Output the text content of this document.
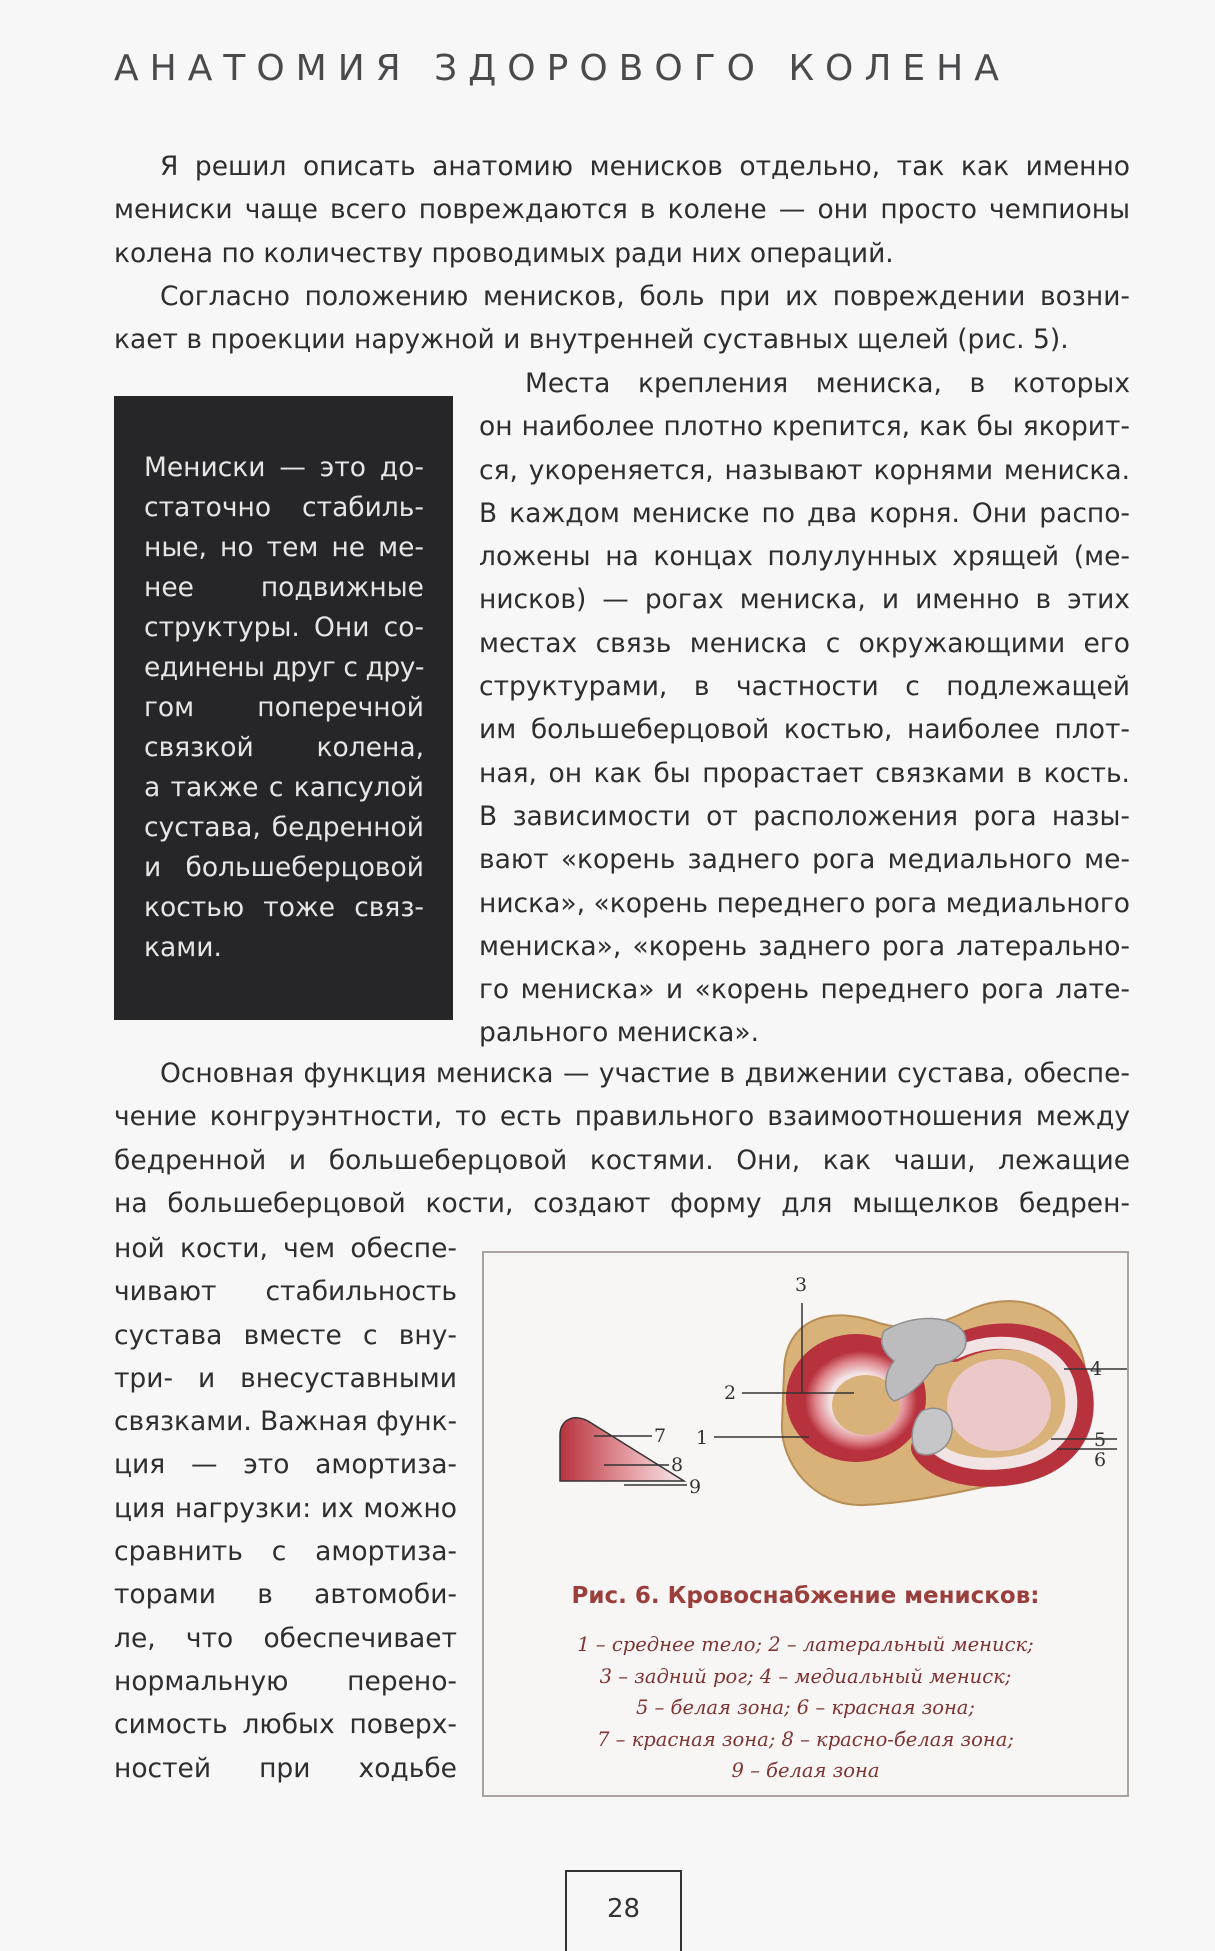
АНАТОМИЯ ЗДОРОВОГО КОЛЕНА

Я решил описать анатомию менисков отдельно, так как именно
мениски чаще всего повреждаются в колене — они просто чемпионы
колена по количеству проводимых ради них операций.

Согласно положению менисков, боль при их повреждении возни-
кает в проекции наружной и внутренней суставных щелей (рис. 5).

Мениски — это до-
статочно стабиль-
ные, но тем не ме-
нее подвижные
структуры. Они со-
единены друг с дру-
гом поперечной
связкой колена,
а также с капсулой
сустава, бедренной
и большеберцовой
костью тоже связ-
ками.
Места крепления мениска, в которых
он наиболее плотно крепится, как бы якорит-
ся, укореняется, называют корнями мениска.
В каждом мениске по два корня. Они распо-
ложены на концах полулунных хрящей (ме-
нисков) — рогах мениска, и именно в этих
местах связь мениска с окружающими его
структурами, в частности с подлежащей
им большеберцовой костью, наиболее плот-
ная, он как бы прорастает связками в кость.
В зависимости от расположения рога назы-
вают «корень заднего рога медиального ме-
ниска», «корень переднего рога медиального
мениска», «корень заднего рога латерально-
го мениска» и «корень переднего рога лате-
рального мениска».
Основная функция мениска — участие в движении сустава, обеспе-
чение конгруэнтности, то есть правильного взаимоотношения между
бедренной и большеберцовой костями. Они, как чаши, лежащие
на большеберцовой кости, создают форму для мыщелков бедрен-
ной кости, чем обеспе-
чивают стабильность
сустава вместе с вну-
три- и внесуставными
связками. Важная функ-
ция — это амортиза-
ция нагрузки: их можно
сравнить с амортиза-
торами в автомоби-
ле, что обеспечивает
нормальную перено-
симость любых поверх-
ностей при ходьбе
2
1
3
4
5
6
7
8
9
Рис. 6. Кровоснабжение менисков:
1 – среднее тело; 2 – латеральный мениск;
3 – задний рог; 4 – медиальный мениск;
5 – белая зона; 6 – красная зона;
7 – красная зона; 8 – красно-белая зона;
9 – белая зона
28
